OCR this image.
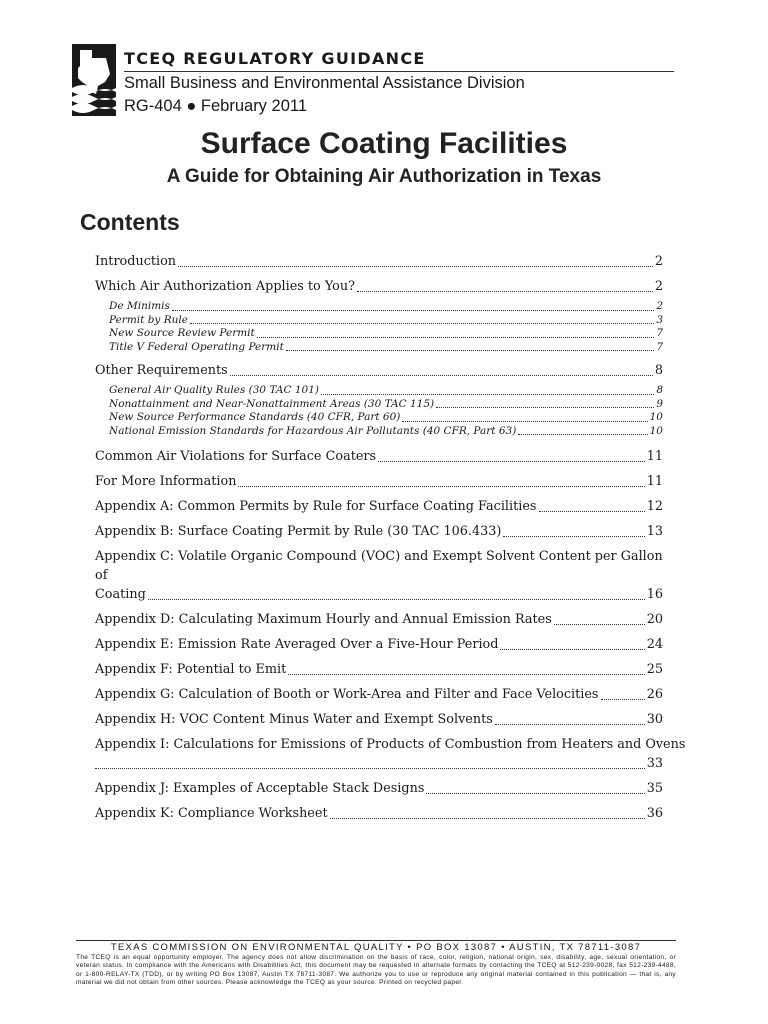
TCEQ REGULATORY GUIDANCE
Small Business and Environmental Assistance Division
RG-404 ● February 2011
Surface Coating Facilities
A Guide for Obtaining Air Authorization in Texas
Contents
Introduction	2
Which Air Authorization Applies to You?	2
De Minimis	2
Permit by Rule	3
New Source Review Permit	7
Title V Federal Operating Permit	7
Other Requirements	8
General Air Quality Rules (30 TAC 101)	8
Nonattainment and Near-Nonattainment Areas (30 TAC 115)	9
New Source Performance Standards (40 CFR, Part 60)	10
National Emission Standards for Hazardous Air Pollutants (40 CFR, Part 63)	10
Common Air Violations for Surface Coaters	11
For More Information	11
Appendix A: Common Permits by Rule for Surface Coating Facilities	12
Appendix B: Surface Coating Permit by Rule (30 TAC 106.433)	13
Appendix C: Volatile Organic Compound (VOC) and Exempt Solvent Content per Gallon of
Coating	16
Appendix D: Calculating Maximum Hourly and Annual Emission Rates	20
Appendix E: Emission Rate Averaged Over a Five-Hour Period	24
Appendix F: Potential to Emit	25
Appendix G: Calculation of Booth or Work-Area and Filter and Face Velocities	26
Appendix H: VOC Content Minus Water and Exempt Solvents	30
Appendix I: Calculations for Emissions of Products of Combustion from Heaters and Ovens
33
Appendix J: Examples of Acceptable Stack Designs	35
Appendix K: Compliance Worksheet	36
TEXAS COMMISSION ON ENVIRONMENTAL QUALITY • PO BOX 13087 • AUSTIN, TX 78711-3087
The TCEQ is an equal opportunity employer. The agency does not allow discrimination on the basis of race, color, religion, national origin, sex, disability, age, sexual orientation, or veteran status. In compliance with the Americans with Disabilities Act, this document may be requested in alternate formats by contacting the TCEQ at 512-239-0028, fax 512-239-4488, or 1-800-RELAY-TX (TDD), or by writing PO Box 13087, Austin TX 78711-3087. We authorize you to use or reproduce any original material contained in this publication — that is, any material we did not obtain from other sources. Please acknowledge the TCEQ as your source. Printed on recycled paper.
